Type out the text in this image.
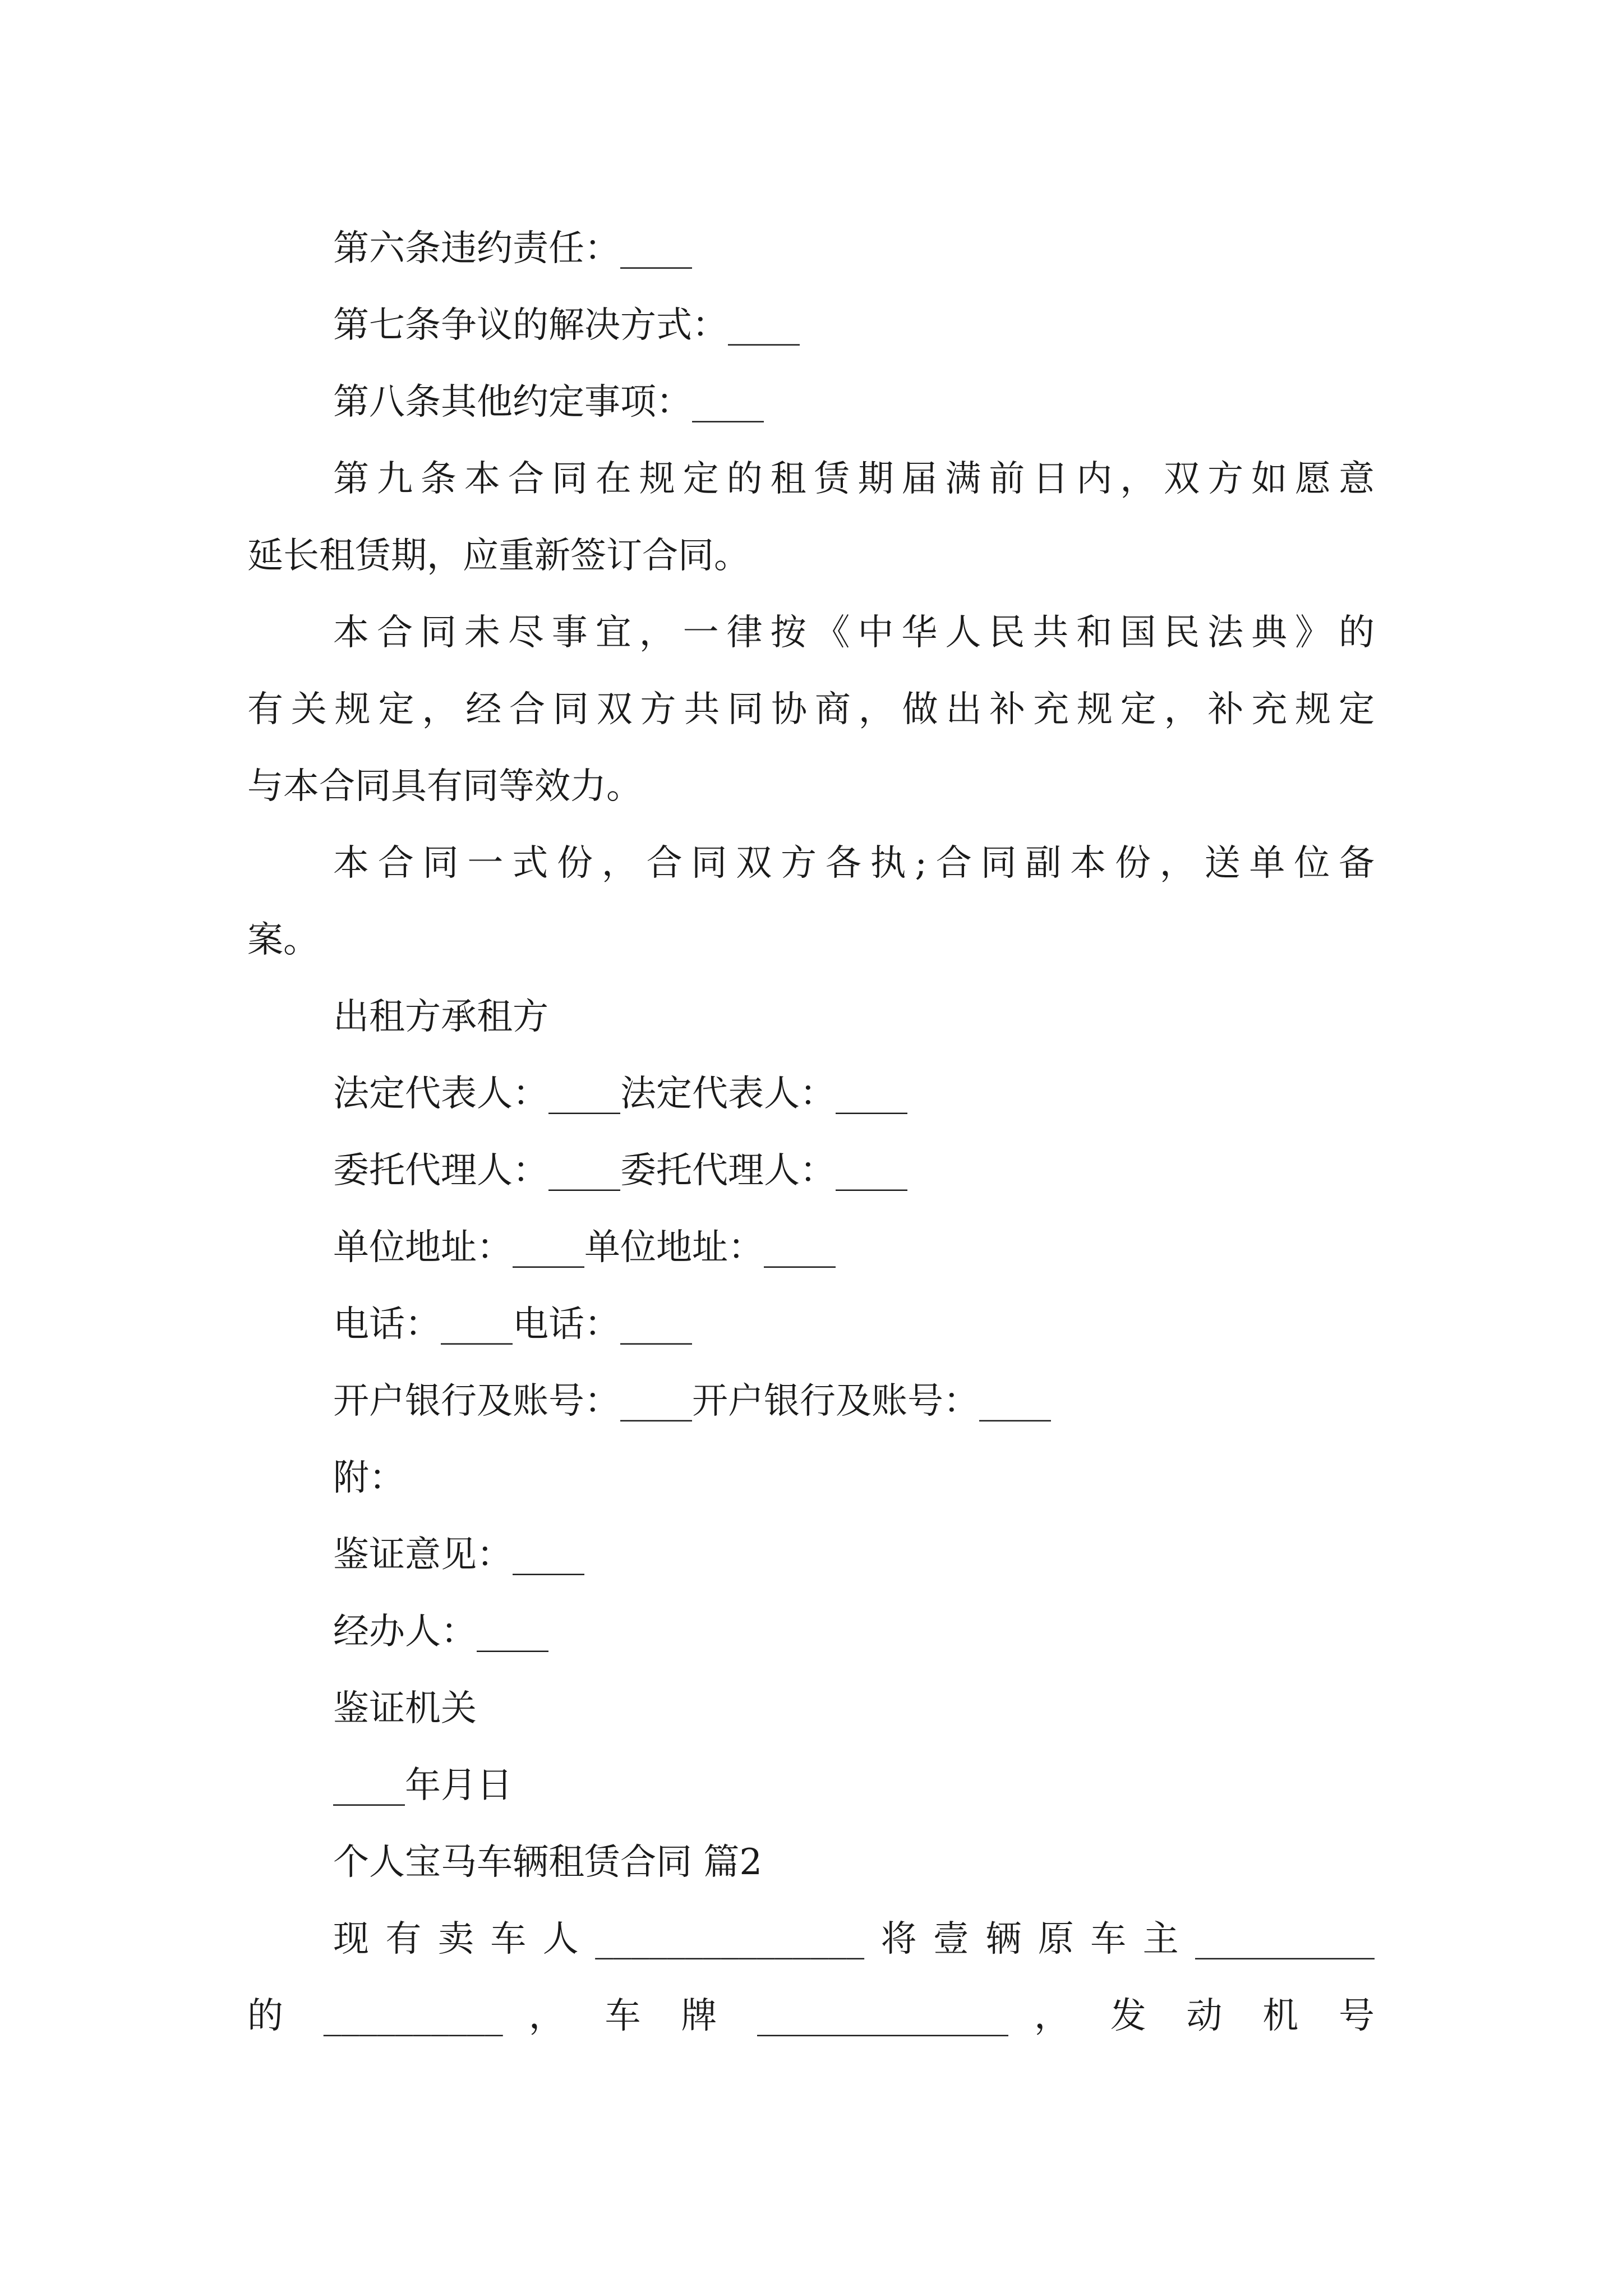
第六条违约责任：____
第七条争议的解决方式：____
第八条其他约定事项：____
第九条本合同在规定的租赁期届满前日内，双方如愿意
延长租赁期，应重新签订合同。
本合同未尽事宜，一律按《中华人民共和国民法典》的
有关规定，经合同双方共同协商，做出补充规定，补充规定
与本合同具有同等效力。
本合同一式份，合同双方各执;合同副本份，送单位备
案。
出租方承租方
法定代表人：____法定代表人：____
委托代理人：____委托代理人：____
单位地址：____单位地址：____
电话：____电话：____
开户银行及账号：____开户银行及账号：____
附：
鉴证意见：____
经办人：____
鉴证机关
____年月日
个人宝马车辆租赁合同 篇2
现有卖车人_______________将壹辆原车主__________
的 __________ ， 车 牌 ______________ ， 发 动 机 号
